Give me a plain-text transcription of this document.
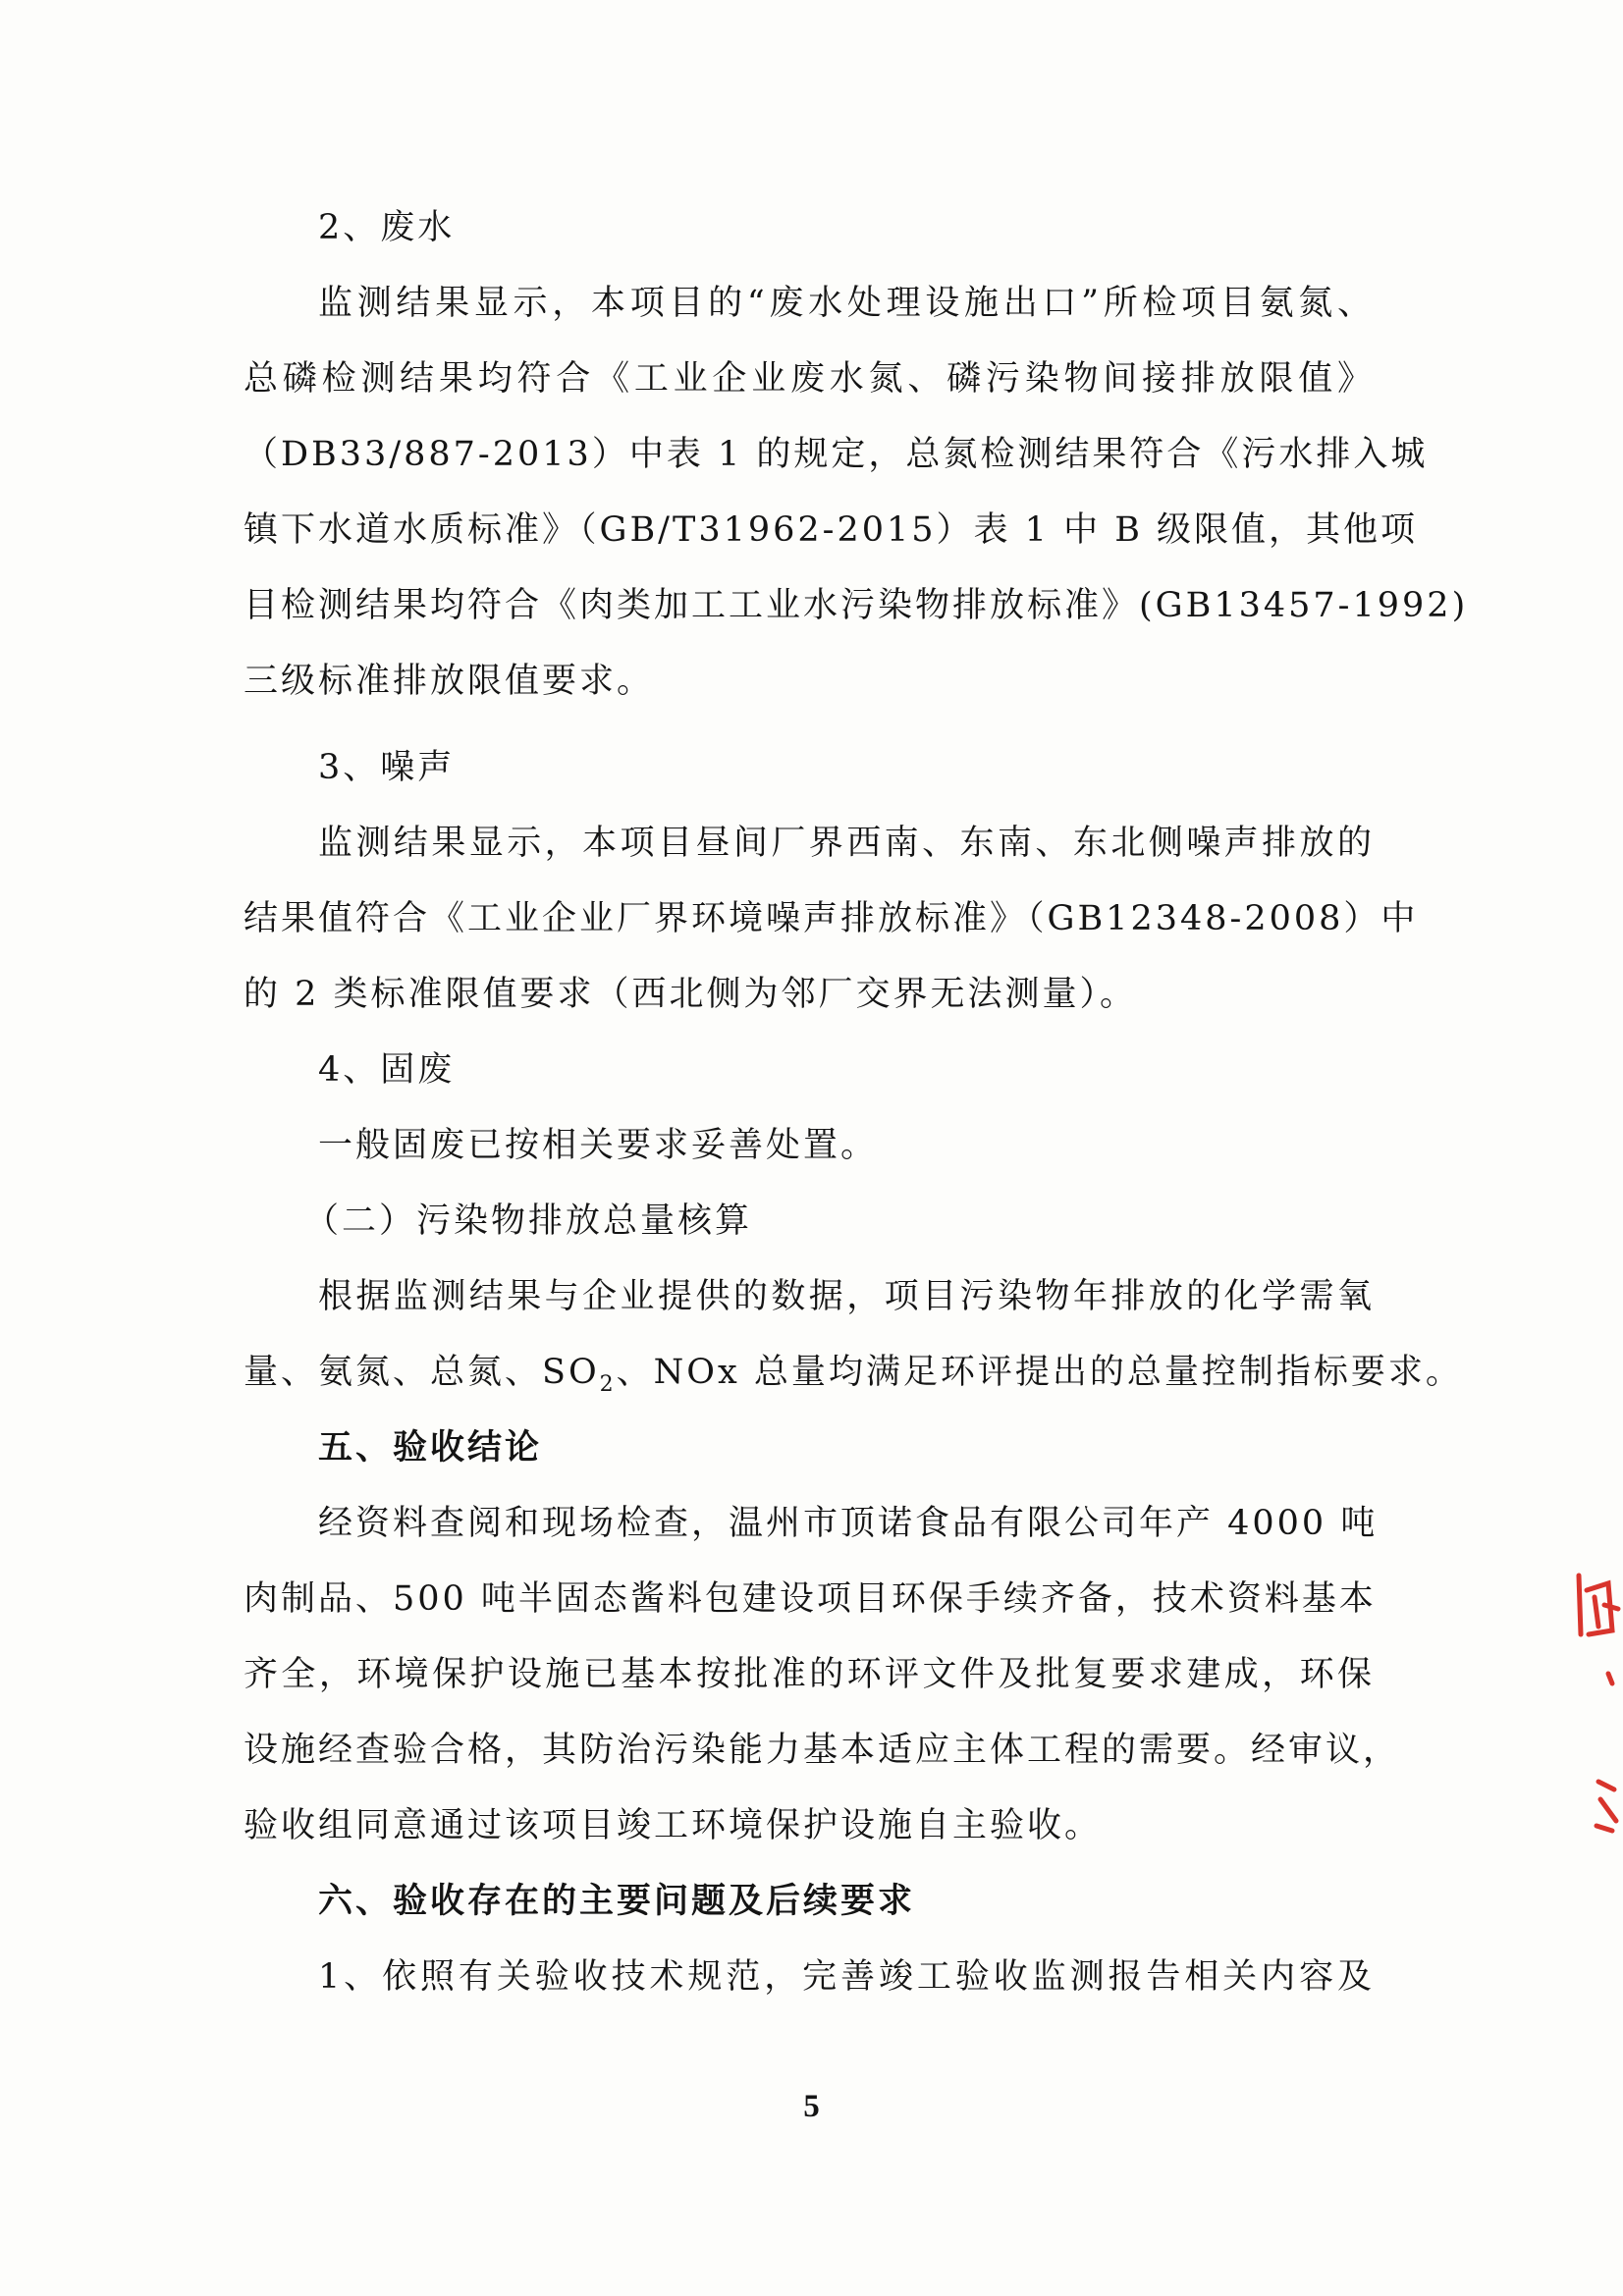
2、废水
监测结果显示，本项目的“废水处理设施出口”所检项目氨氮、
总磷检测结果均符合《工业企业废水氮、磷污染物间接排放限值》
（DB33/887-2013）中表 1 的规定，总氮检测结果符合《污水排入城
镇下水道水质标准》（GB/T31962-2015）表 1 中 B 级限值，其他项
目检测结果均符合《肉类加工工业水污染物排放标准》(GB13457-1992)
三级标准排放限值要求。
3、噪声
监测结果显示，本项目昼间厂界西南、东南、东北侧噪声排放的
结果值符合《工业企业厂界环境噪声排放标准》（GB12348-2008）中
的 2 类标准限值要求（西北侧为邻厂交界无法测量）。
4、固废
一般固废已按相关要求妥善处置。
（二）污染物排放总量核算
根据监测结果与企业提供的数据，项目污染物年排放的化学需氧
量、氨氮、总氮、$SO_2$、NOx 总量均满足环评提出的总量控制指标要求。
五、验收结论
经资料查阅和现场检查，温州市顶诺食品有限公司年产 4000 吨
肉制品、500 吨半固态酱料包建设项目环保手续齐备，技术资料基本
齐全，环境保护设施已基本按批准的环评文件及批复要求建成，环保
设施经查验合格，其防治污染能力基本适应主体工程的需要。经审议，
验收组同意通过该项目竣工环境保护设施自主验收。
六、验收存在的主要问题及后续要求
1、依照有关验收技术规范，完善竣工验收监测报告相关内容及
5
